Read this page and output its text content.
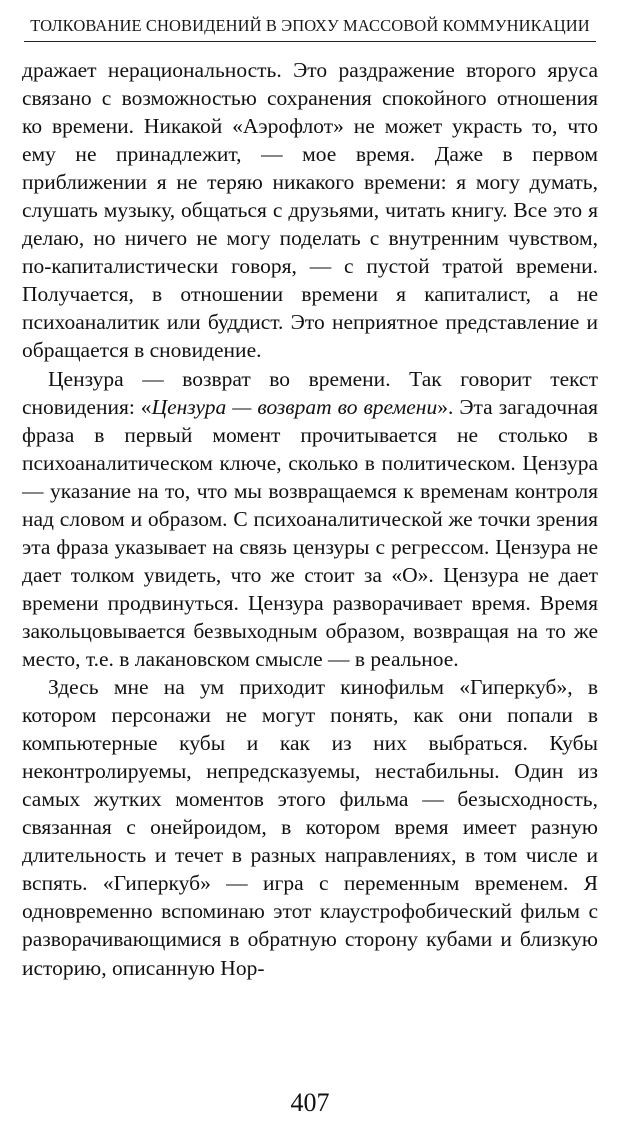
ТОЛКОВАНИЕ СНОВИДЕНИЙ В ЭПОХУ МАССОВОЙ КОММУНИКАЦИИ

дражает нерациональность. Это раздражение второго яруса связано с возможностью сохранения спокойного отношения ко времени. Никакой «Аэрофлот» не может украсть то, что ему не принадлежит, — мое время. Даже в первом приближении я не теряю никакого времени: я могу думать, слушать музыку, общаться с друзьями, читать книгу. Все это я делаю, но ничего не могу поделать с внутренним чувством, по-капиталистически говоря, — с пустой тратой времени. Получается, в отношении времени я капиталист, а не психоаналитик или буддист. Это неприятное представление и обращается в сновидение.

Цензура — возврат во времени. Так говорит текст сновидения: «Цензура — возврат во времени». Эта загадочная фраза в первый момент прочитывается не столько в психоаналитическом ключе, сколько в политическом. Цензура — указание на то, что мы возвращаемся к временам контроля над словом и образом. С психоаналитической же точки зрения эта фраза указывает на связь цензуры с регрессом. Цензура не дает толком увидеть, что же стоит за «О». Цензура не дает времени продвинуться. Цензура разворачивает время. Время закольцовывается безвыходным образом, возвращая на то же место, т.е. в лакановском смысле — в реальное.

Здесь мне на ум приходит кинофильм «Гиперкуб», в котором персонажи не могут понять, как они попали в компьютерные кубы и как из них выбраться. Кубы неконтролируемы, непредсказуемы, нестабильны. Один из самых жутких моментов этого фильма — безысходность, связанная с онейроидом, в котором время имеет разную длительность и течет в разных направлениях, в том числе и вспять. «Гиперкуб» — игра с переменным временем. Я одновременно вспоминаю этот клаустрофобический фильм с разворачивающимися в обратную сторону кубами и близкую историю, описанную Нор-

407
